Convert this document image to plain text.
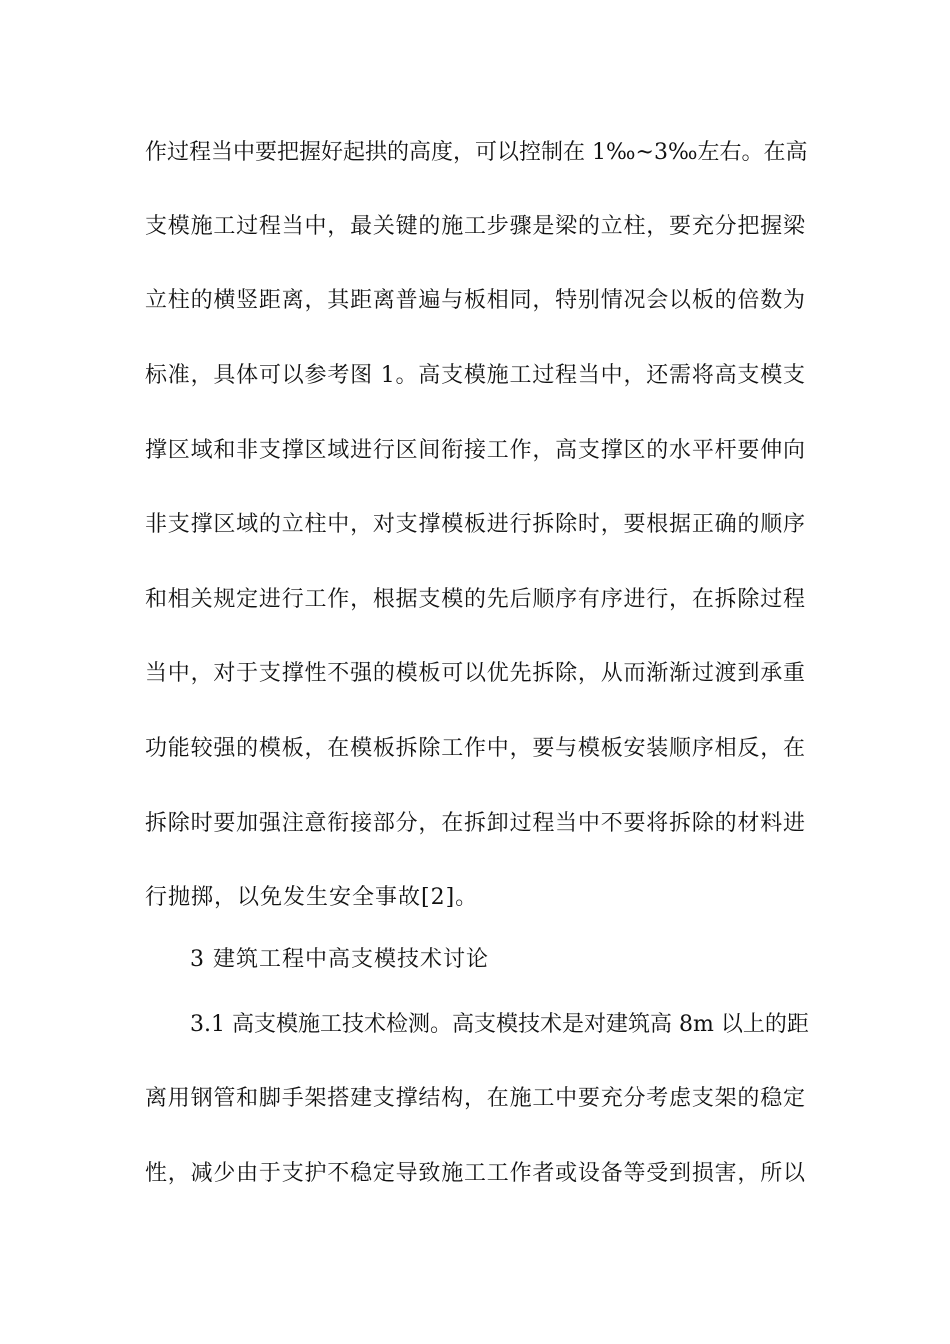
作过程当中要把握好起拱的高度，可以控制在 1‰~3‰左右。在高
支模施工过程当中，最关键的施工步骤是梁的立柱，要充分把握梁
立柱的横竖距离，其距离普遍与板相同，特别情况会以板的倍数为
标准，具体可以参考图 1。高支模施工过程当中，还需将高支模支
撑区域和非支撑区域进行区间衔接工作，高支撑区的水平杆要伸向
非支撑区域的立柱中，对支撑模板进行拆除时，要根据正确的顺序
和相关规定进行工作，根据支模的先后顺序有序进行，在拆除过程
当中，对于支撑性不强的模板可以优先拆除，从而渐渐过渡到承重
功能较强的模板，在模板拆除工作中，要与模板安装顺序相反，在
拆除时要加强注意衔接部分，在拆卸过程当中不要将拆除的材料进
行抛掷，以免发生安全事故[2]。
3 建筑工程中高支模技术讨论
3.1 高支模施工技术检测。高支模技术是对建筑高 8m 以上的距
离用钢管和脚手架搭建支撑结构，在施工中要充分考虑支架的稳定
性，减少由于支护不稳定导致施工工作者或设备等受到损害，所以
